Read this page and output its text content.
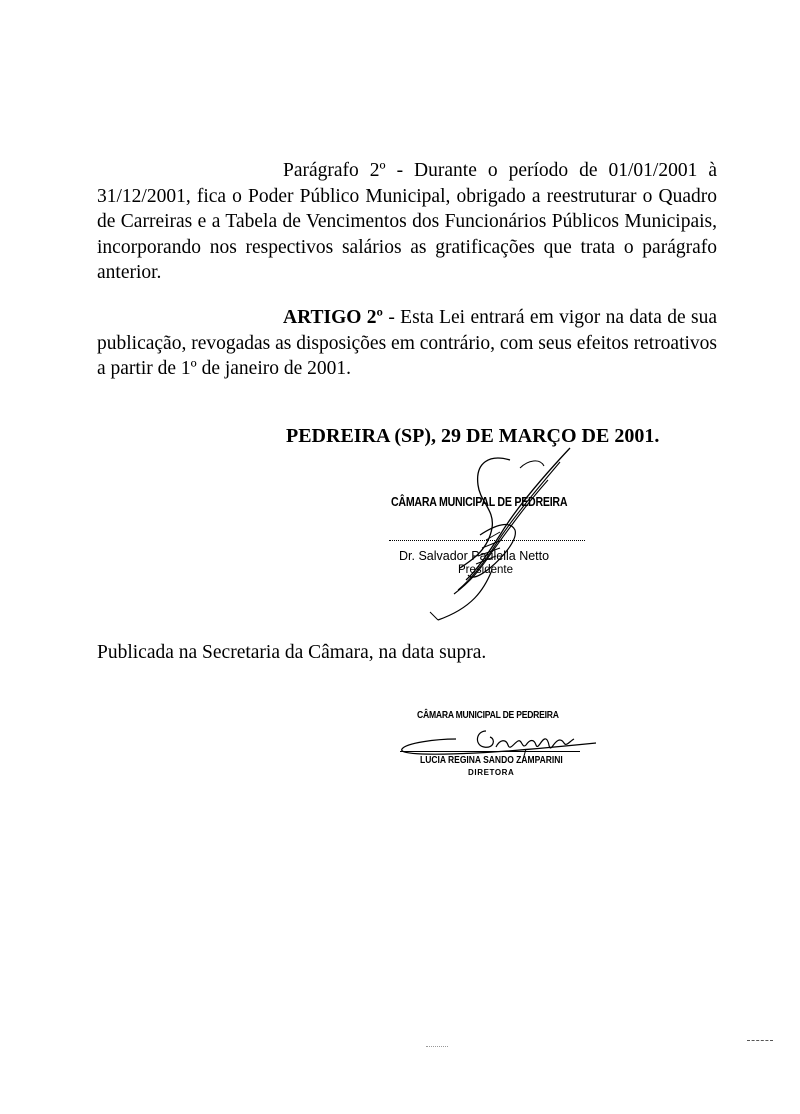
Parágrafo 2º - Durante o período de 01/01/2001 à 31/12/2001, fica o Poder Público Municipal, obrigado a reestruturar o Quadro de Carreiras e a Tabela de Vencimentos dos Funcionários Públicos Municipais, incorporando nos respectivos salários as gratificações que trata o parágrafo anterior.

ARTIGO 2º - Esta Lei entrará em vigor na data de sua publicação, revogadas as disposições em contrário, com seus efeitos retroativos a partir de 1º de janeiro de 2001.

PEDREIRA (SP), 29 DE MARÇO DE 2001.

CÂMARA MUNICIPAL DE PEDREIRA
Dr. Salvador Paulella Netto
Presidente

Publicada na Secretaria da Câmara, na data supra.

CÂMARA MUNICIPAL DE PEDREIRA
LUCIA REGINA SANDO ZAMPARINI
DIRETORA
